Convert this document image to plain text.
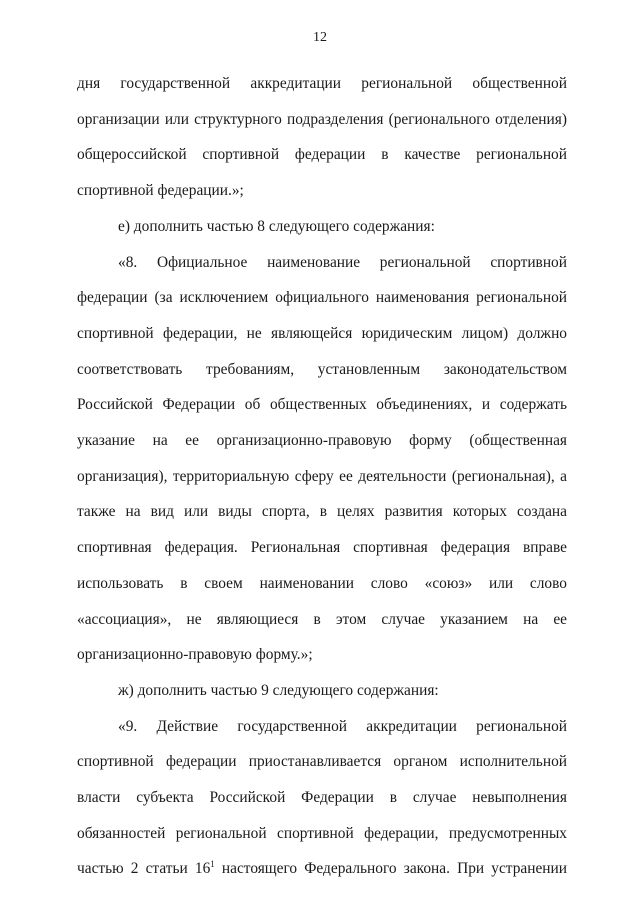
12

дня государственной аккредитации региональной общественной организации или структурного подразделения (регионального отделения) общероссийской спортивной федерации в качестве региональной спортивной федерации.»;

е) дополнить частью 8 следующего содержания:

«8. Официальное наименование региональной спортивной федерации (за исключением официального наименования региональной спортивной федерации, не являющейся юридическим лицом) должно соответствовать требованиям, установленным законодательством Российской Федерации об общественных объединениях, и содержать указание на ее организационно-правовую форму (общественная организация), территориальную сферу ее деятельности (региональная), а также на вид или виды спорта, в целях развития которых создана спортивная федерация. Региональная спортивная федерация вправе использовать в своем наименовании слово «союз» или слово «ассоциация», не являющиеся в этом случае указанием на ее организационно-правовую форму.»;

ж) дополнить частью 9 следующего содержания:

«9. Действие государственной аккредитации региональной спортивной федерации приостанавливается органом исполнительной власти субъекта Российской Федерации в случае невыполнения обязанностей региональной спортивной федерации, предусмотренных частью 2 статьи $16^1$ настоящего Федерального закона. При устранении
